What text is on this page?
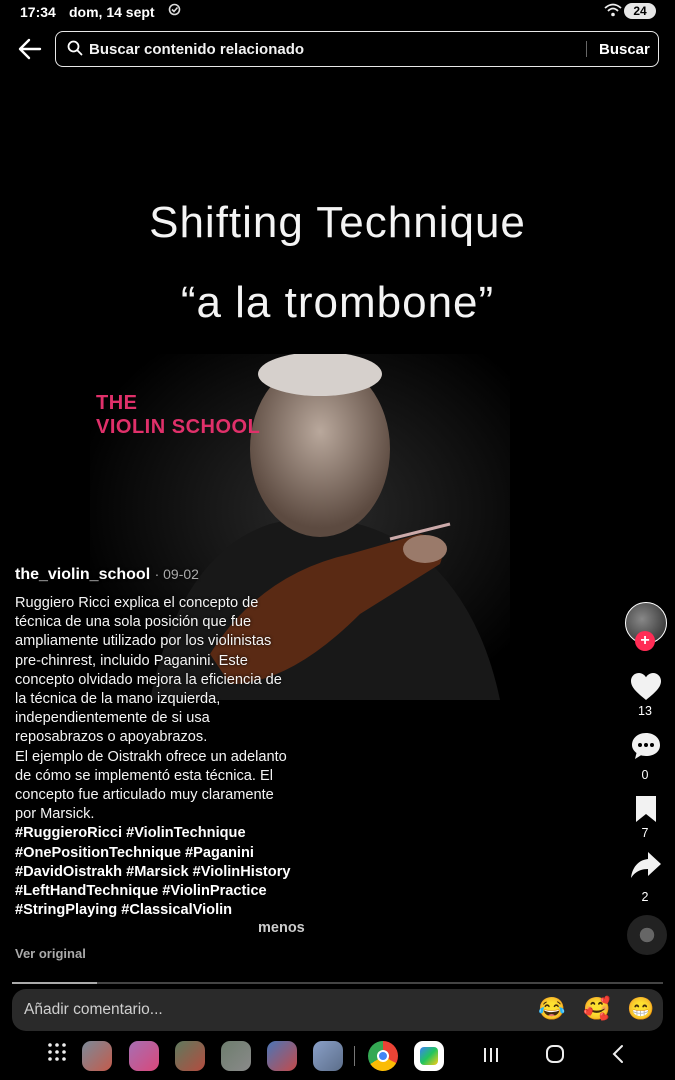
17:34 dom, 14 sept	24
Buscar contenido relacionado	Buscar
Shifting Technique
“a la trombone”
THE
VIOLIN SCHOOL
the_violin_school · 09-02
Ruggiero Ricci explica el concepto de
técnica de una sola posición que fue
ampliamente utilizado por los violinistas
pre-chinrest, incluido Paganini. Este
concepto olvidado mejora la eficiencia de
la técnica de la mano izquierda,
independientemente de si usa
reposabrazos o apoyabrazos.
El ejemplo de Oistrakh ofrece un adelanto
de cómo se implementó esta técnica. El
concepto fue articulado muy claramente
por Marsick.
#RuggieroRicci #ViolinTechnique
#OnePositionTechnique #Paganini
#DavidOistrakh #Marsick #ViolinHistory
#LeftHandTechnique #ViolinPractice
#StringPlaying #ClassicalViolin
menos
Ver original
+
13
0
7
2
Añadir comentario...	😂 🥰 😁
